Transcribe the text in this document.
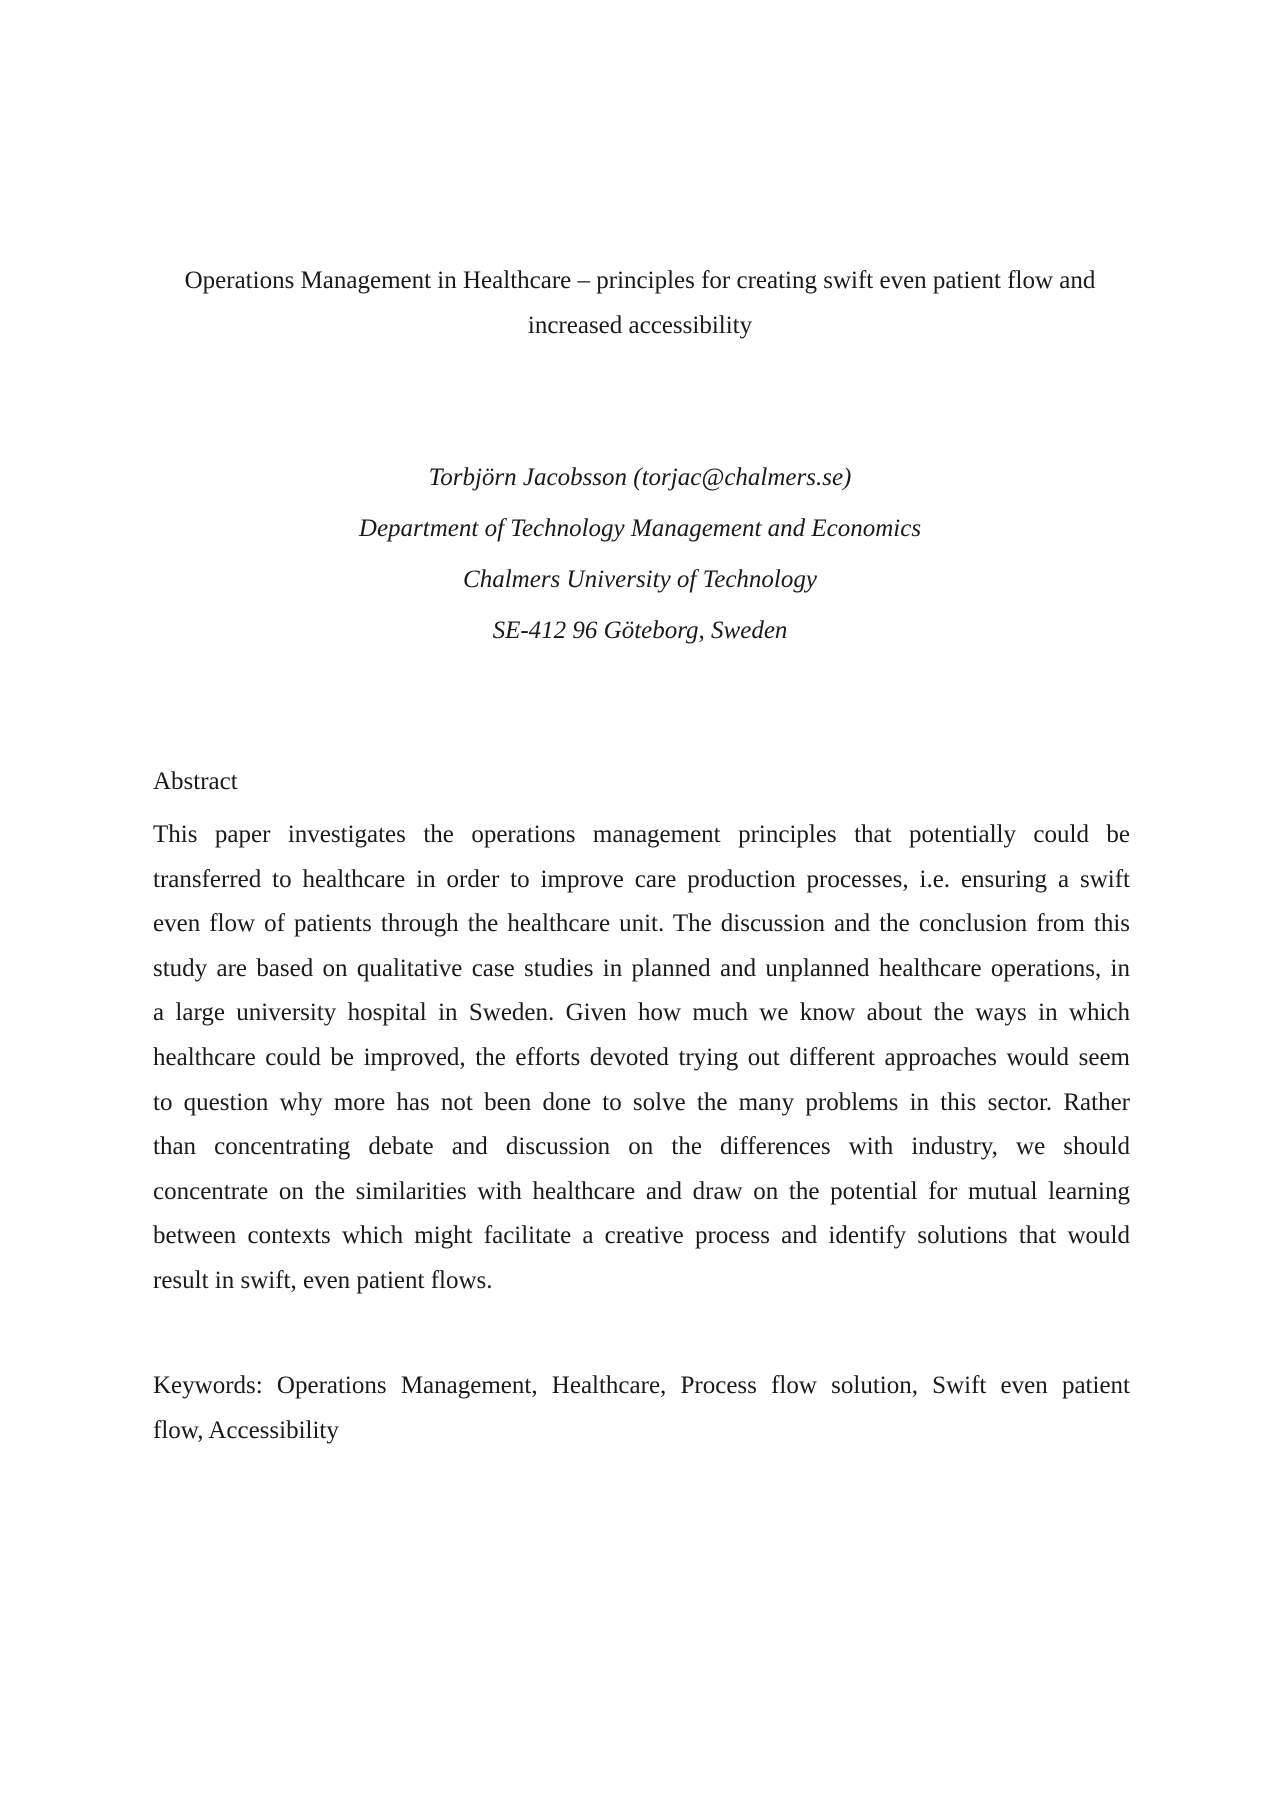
Operations Management in Healthcare – principles for creating swift even patient flow and
increased accessibility
Torbjörn Jacobsson (torjac@chalmers.se)
Department of Technology Management and Economics
Chalmers University of Technology
SE-412 96 Göteborg, Sweden
Abstract
This paper investigates the operations management principles that potentially could be
transferred to healthcare in order to improve care production processes, i.e. ensuring a swift
even flow of patients through the healthcare unit. The discussion and the conclusion from this
study are based on qualitative case studies in planned and unplanned healthcare operations, in
a large university hospital in Sweden. Given how much we know about the ways in which
healthcare could be improved, the efforts devoted trying out different approaches would seem
to question why more has not been done to solve the many problems in this sector. Rather
than concentrating debate and discussion on the differences with industry, we should
concentrate on the similarities with healthcare and draw on the potential for mutual learning
between contexts which might facilitate a creative process and identify solutions that would
result in swift, even patient flows.
Keywords: Operations Management, Healthcare, Process flow solution, Swift even patient
flow, Accessibility
